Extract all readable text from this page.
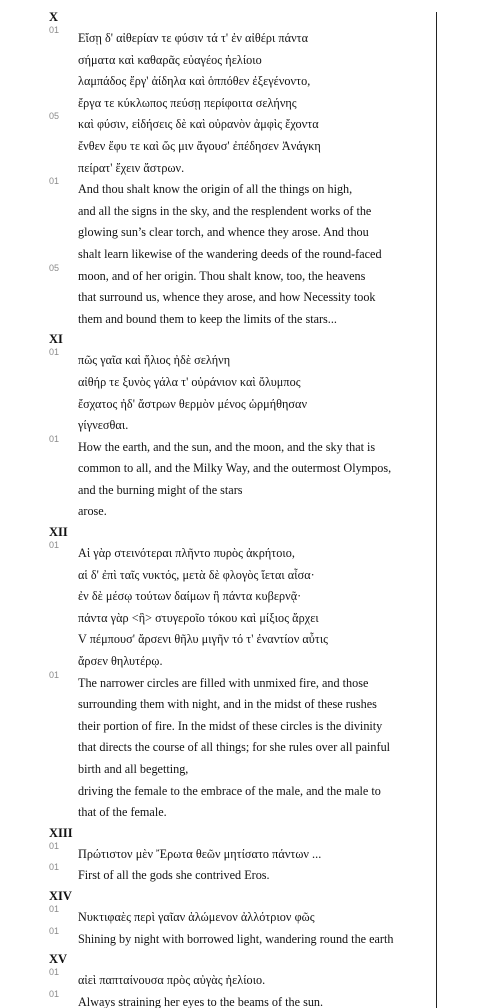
X
01
Εἴσῃ δ' αἰθερίαν τε φύσιν τά τ' ἐν αἰθέρι πάντα
σήματα καὶ καθαρᾶς εὐαγέος ἠελίοιο
λαμπάδος ἔργ' ἀίδηλα καὶ ὁππόθεν ἐξεγένοντο,
ἔργα τε κύκλωπος πεύσῃ περίφοιτα σελήνης
05
καὶ φύσιν, εἰδήσεις δὲ καὶ οὐρανὸν ἀμφὶς ἔχοντα
ἔνθεν ἔφυ τε καὶ ὥς μιν ἄγουσ' ἐπέδησεν Ἀνάγκη
πείρατ' ἔχειν ἄστρων.
01
And thou shalt know the origin of all the things on high,
and all the signs in the sky, and the resplendent works of the
glowing sun’s clear torch, and whence they arose. And thou
shalt learn likewise of the wandering deeds of the round-faced
05
moon, and of her origin. Thou shalt know, too, the heavens
that surround us, whence they arose, and how Necessity took
them and bound them to keep the limits of the stars...
XI
01
πῶς γαῖα καὶ ἥλιος ἠδὲ σελήνη
αἰθήρ τε ξυνὸς γάλα τ' οὐράνιον καὶ ὄλυμπος
ἔσχατος ἠδ' ἄστρων θερμὸν μένος ὡρμήθησαν
γίγνεσθαι.
01
How the earth, and the sun, and the moon, and the sky that is
common to all, and the Milky Way, and the outermost Olympos,
and the burning might of the stars
arose.
XII
01
Αἱ γὰρ στεινότεραι πλῆντο πυρὸς ἀκρήτοιο,
αἱ δ' ἐπὶ ταῖς νυκτός, μετὰ δὲ φλογὸς ἵεται αἶσα·
ἐν δὲ μέσῳ τούτων δαίμων ἣ πάντα κυβερνᾷ·
πάντα γὰρ <ἣ> στυγεροῖο τόκου καὶ μίξιος ἄρχει
V πέμπουσ' ἄρσενι θῆλυ μιγῆν τό τ' ἐναντίον αὖτις
ἄρσεν θηλυτέρῳ.
01
The narrower circles are filled with unmixed fire, and those
surrounding them with night, and in the midst of these rushes
their portion of fire. In the midst of these circles is the divinity
that directs the course of all things; for she rules over all painful
birth and all begetting,
driving the female to the embrace of the male, and the male to
that of the female.
XIII
01
Πρώτιστον μὲν Ἔρωτα θεῶν μητίσατο πάντων ...
01
First of all the gods she contrived Eros.
XIV
01
Νυκτιφαὲς περὶ γαῖαν ἀλώμενον ἀλλότριον φῶς
01
Shining by night with borrowed light, wandering round the earth
XV
01
αἰεὶ παπταίνουσα πρὸς αὐγὰς ἠελίοιο.
01
Always straining her eyes to the beams of the sun.
